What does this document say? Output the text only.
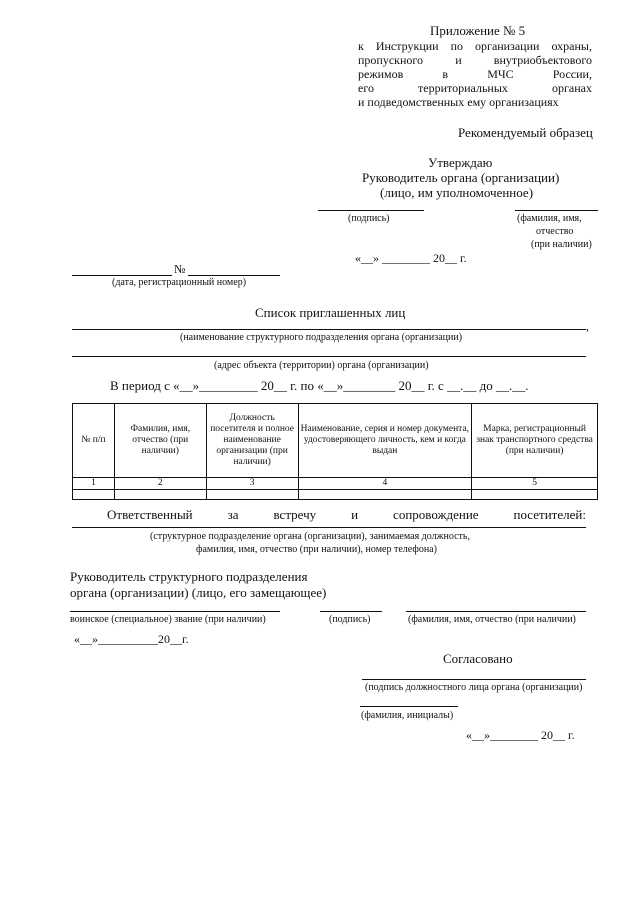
Приложение № 5
к Инструкции по организации охраны,
пропускного	и	внутриобъектового
режимов	в	МЧС	России,
его	территориальных	органах
и подведомственных ему организациях
Рекомендуемый образец
Утверждаю
Руководитель органа (организации)
(лицо, им уполномоченное)
(подпись)	(фамилия, имя,
отчество
(при наличии)
«__» ________ 20__ г.
№
(дата, регистрационный номер)
Список приглашенных лиц
,
(наименование структурного подразделения органа (организации)
(адрес объекта (территории) органа (организации)
В период с «__»_________ 20__ г. по «__»________ 20__ г. с __.__ до __.__.
№ п/п	Фамилия, имя, отчество (при наличии)	Должность посетителя и полное наименование организации (при наличии)	Наименование, серия и номер документа, удостоверяющего личность, кем и когда выдан	Марка, регистрационный знак транспортного средства (при наличии)
1	2	3	4	5

Ответственный	за	встречу	и	сопровождение	посетителей:
(структурное подразделение органа (организации), занимаемая должность,
фамилия, имя, отчество (при наличии), номер телефона)
Руководитель структурного подразделения
органа (организации) (лицо, его замещающее)
воинское (специальное) звание (при наличии)	(подпись)	(фамилия, имя, отчество (при наличии)
«__»__________20__г.
Согласовано
(подпись должностного лица органа (организации)
(фамилия, инициалы)
«__»________ 20__ г.
